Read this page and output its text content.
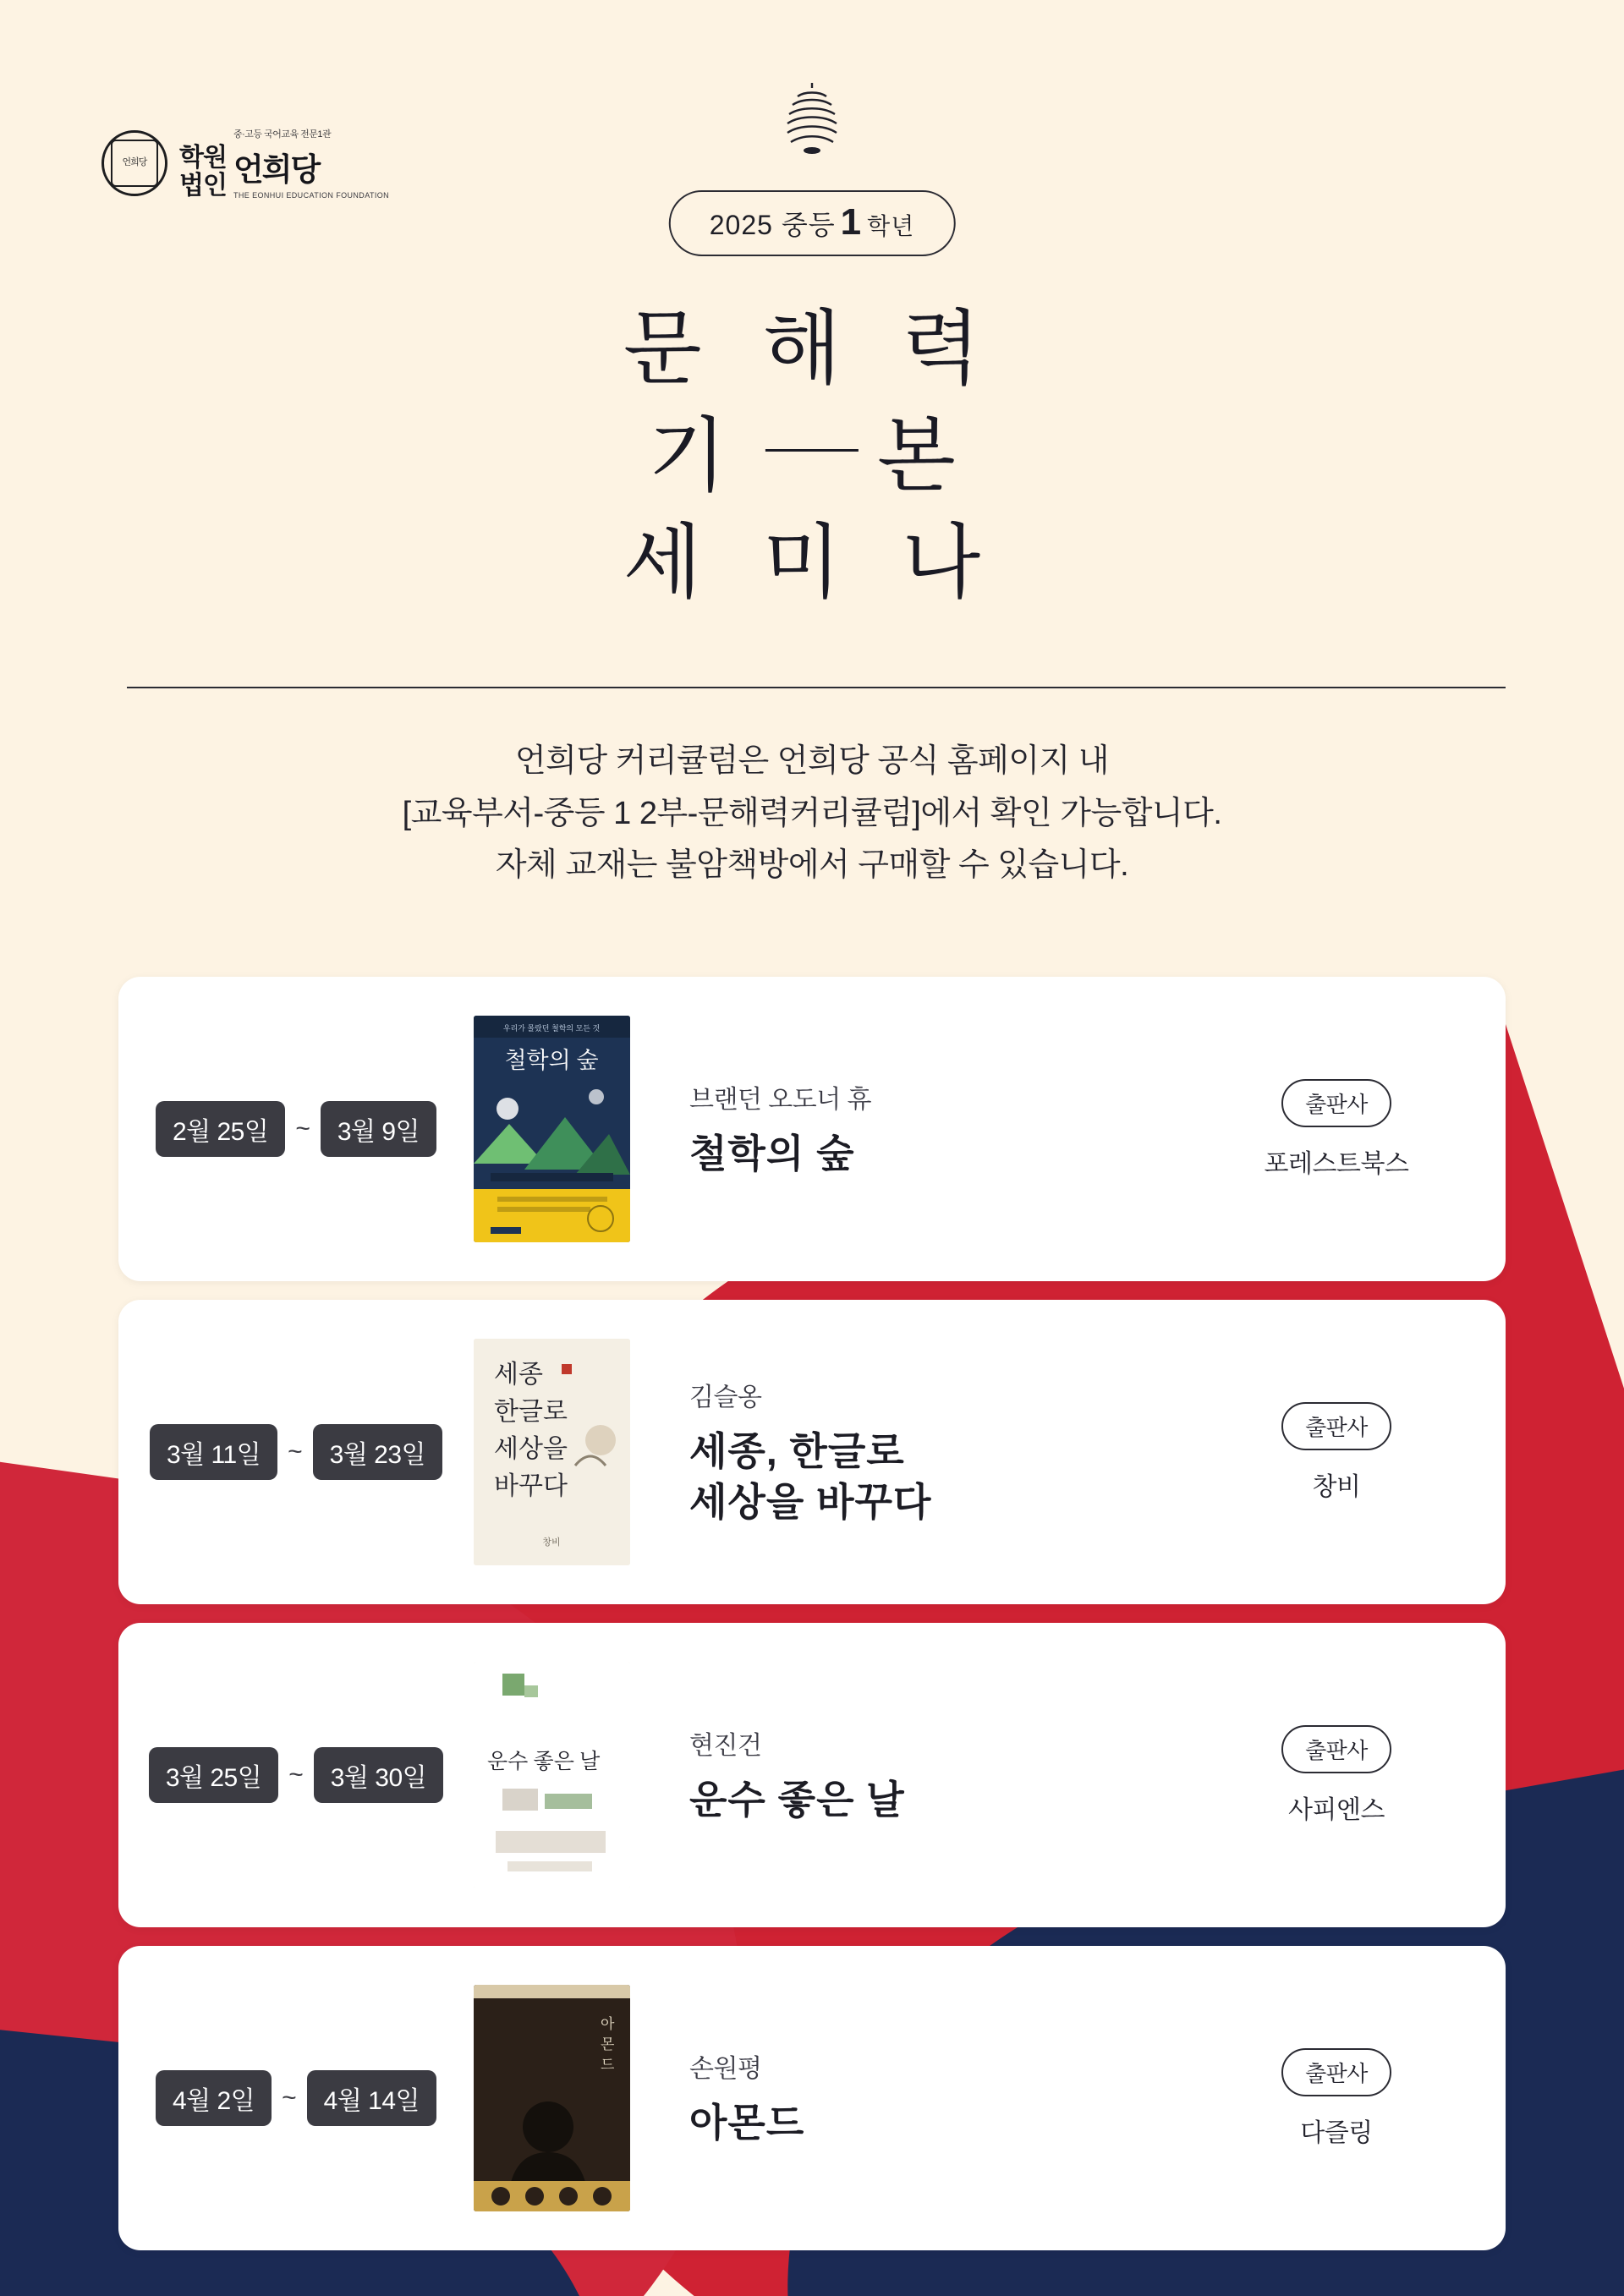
언희당	학원
법인
중·고등 국어교육 전문1관
언희당
THE EONHUI EDUCATION FOUNDATION
2025 중등 1 학년
문 해 력
기 본
세 미 나
언희당 커리큘럼은 언희당 공식 홈페이지 내
[교육부서-중등 1 2부-문해력커리큘럼]에서 확인 가능합니다.
자체 교재는 불암책방에서 구매할 수 있습니다.
2월 25일	~	3월 9일
우리가 몰랐던 철학의 모든 것
철학의 숲
브랜던 오도너 휴
철학의 숲
출판사
포레스트북스
3월 11일	~	3월 23일
세종
한글로
세상을
바꾸다
창비
김슬옹
세종, 한글로
세상을 바꾸다
출판사
창비
3월 25일	~	3월 30일
운수 좋은 날
현진건
운수 좋은 날
출판사
사피엔스
4월 2일	~	4월 14일
아
몬
드	손원평
아몬드
출판사
다즐링
